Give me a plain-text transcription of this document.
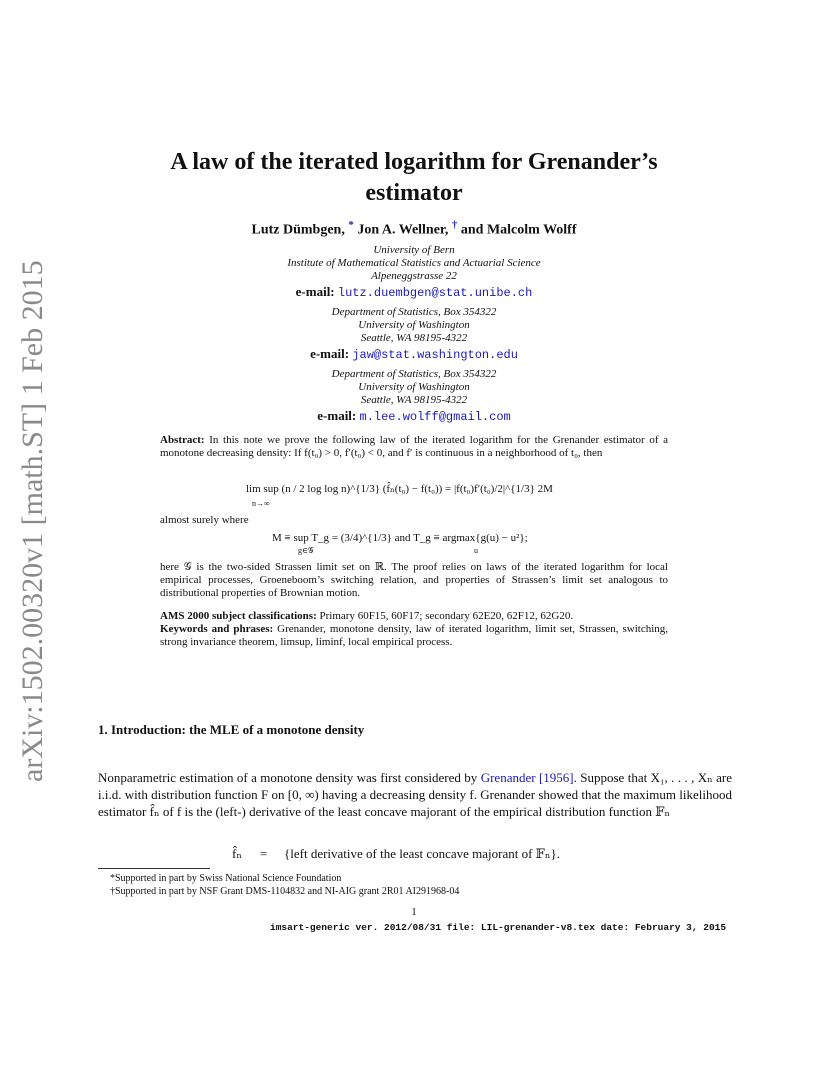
arXiv:1502.00320v1 [math.ST] 1 Feb 2015
A law of the iterated logarithm for Grenander’s
estimator
Lutz Dümbgen, * Jon A. Wellner, † and Malcolm Wolff
University of Bern
Institute of Mathematical Statistics and Actuarial Science
Alpeneggstrasse 22
e-mail: lutz.duembgen@stat.unibe.ch
Department of Statistics, Box 354322
University of Washington
Seattle, WA 98195-4322
e-mail: jaw@stat.washington.edu
Department of Statistics, Box 354322
University of Washington
Seattle, WA 98195-4322
e-mail: m.lee.wolff@gmail.com
Abstract: In this note we prove the following law of the iterated logarithm for the Grenander estimator of a monotone decreasing density: If f(t₀) > 0, f′(t₀) < 0, and f′ is continuous in a neighborhood of t₀, then
lim sup (n / 2 log log n)^{1/3} (f̂ₙ(t₀) − f(t₀)) = |f(t₀)f′(t₀)/2|^{1/3} 2M
n→∞
almost surely where
M ≡ sup T_g = (3/4)^{1/3} and T_g ≡ argmax{g(u) − u²};
g∈𝒢	u
here 𝒢 is the two-sided Strassen limit set on ℝ. The proof relies on laws of the iterated logarithm for local empirical processes, Groeneboom’s switching relation, and properties of Strassen’s limit set analogous to distributional properties of Brownian motion.
AMS 2000 subject classifications: Primary 60F15, 60F17; secondary 62E20, 62F12, 62G20.
Keywords and phrases: Grenander, monotone density, law of iterated logarithm, limit set, Strassen, switching, strong invariance theorem, limsup, liminf, local empirical process.
1. Introduction: the MLE of a monotone density
Nonparametric estimation of a monotone density was first considered by Grenander [1956]. Suppose that X₁, . . . , Xₙ are i.i.d. with distribution function F on [0, ∞) having a decreasing density f. Grenander showed that the maximum likelihood estimator f̂ₙ of f is the (left-) derivative of the least concave majorant of the empirical distribution function 𝔽ₙ
f̂ₙ = {left derivative of the least concave majorant of 𝔽ₙ}.
*Supported in part by Swiss National Science Foundation
†Supported in part by NSF Grant DMS-1104832 and NI-AIG grant 2R01 AI291968-04
1
imsart-generic ver. 2012/08/31 file: LIL-grenander-v8.tex date: February 3, 2015
